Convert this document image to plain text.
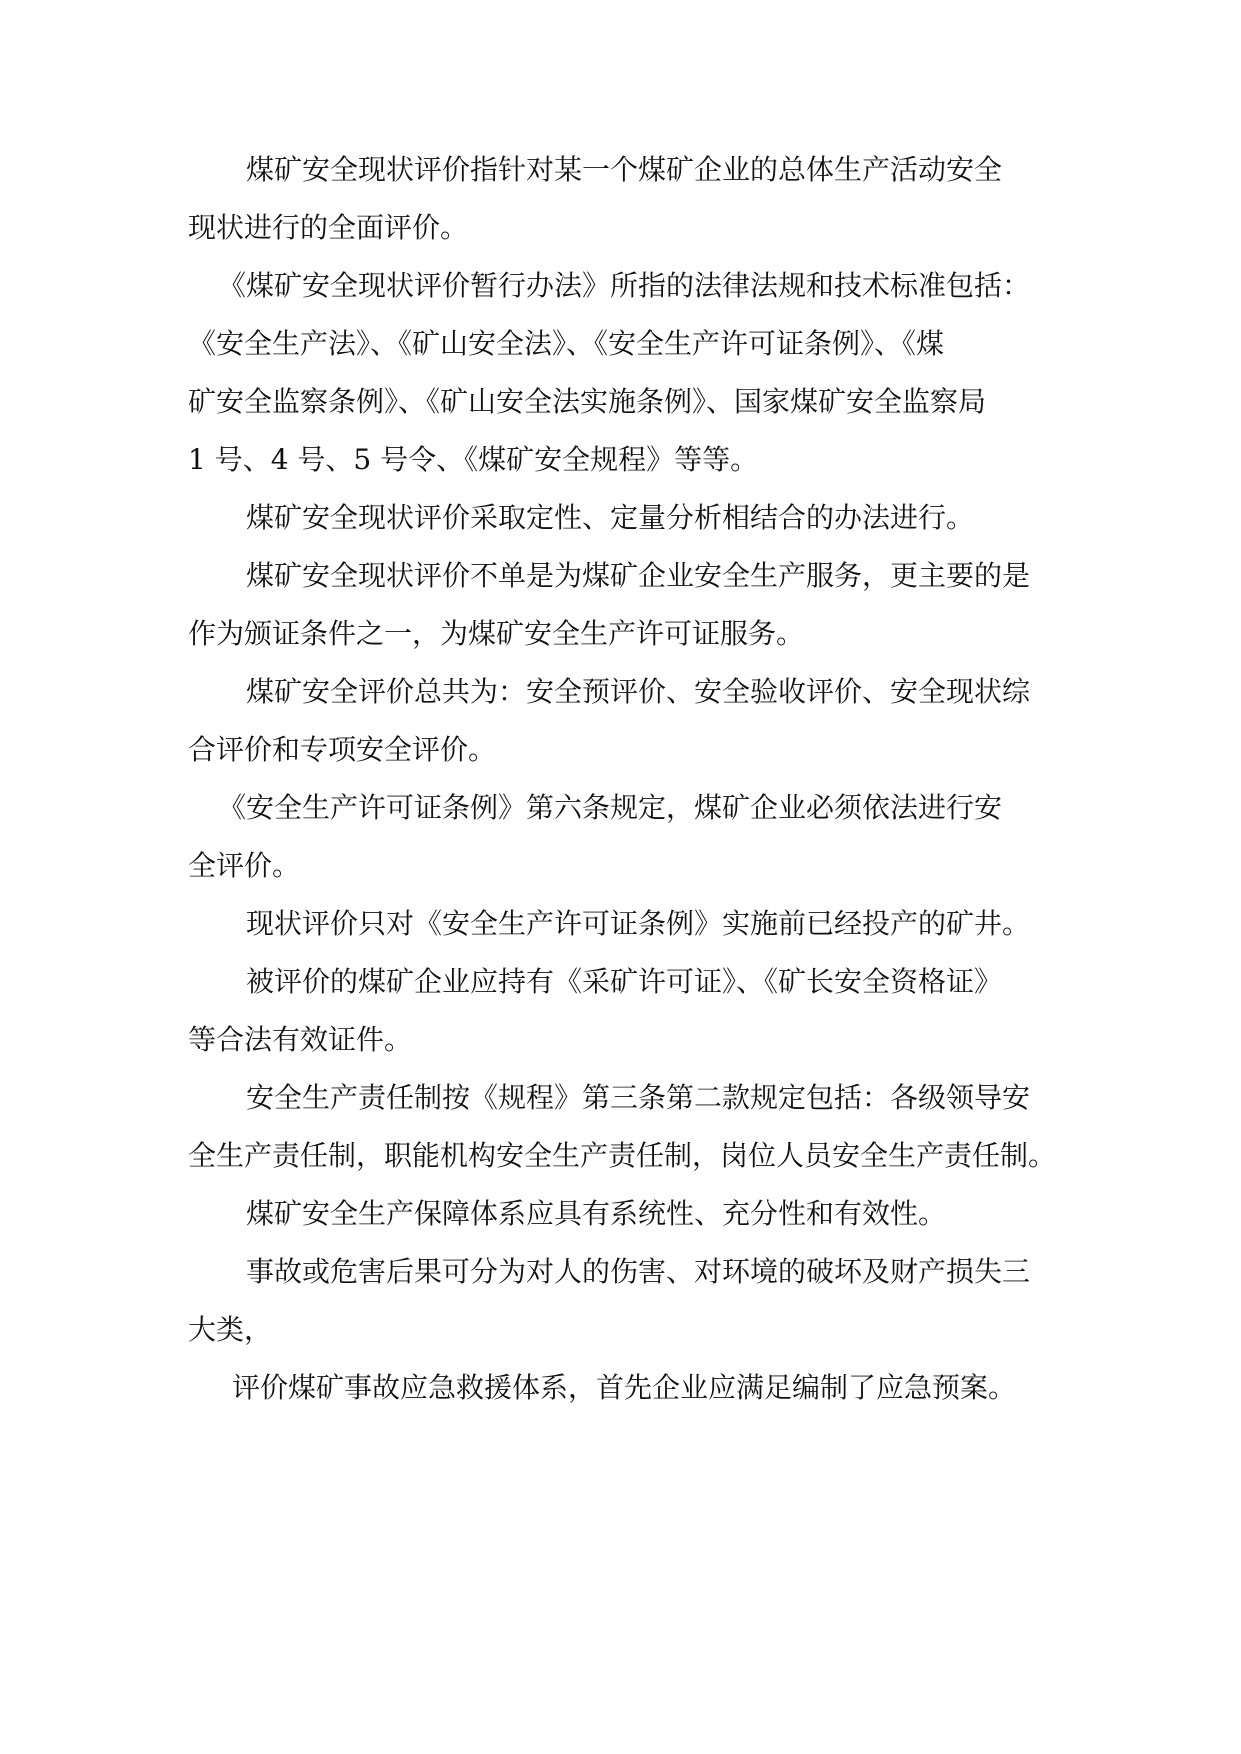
煤矿安全现状评价指针对某一个煤矿企业的总体生产活动安全
现状进行的全面评价。
《煤矿安全现状评价暂行办法》所指的法律法规和技术标准包括：
《安全生产法》、《矿山安全法》、《安全生产许可证条例》、《煤
矿安全监察条例》、《矿山安全法实施条例》、国家煤矿安全监察局
1 号、4 号、5 号令、《煤矿安全规程》等等。
煤矿安全现状评价采取定性、定量分析相结合的办法进行。
煤矿安全现状评价不单是为煤矿企业安全生产服务，更主要的是
作为颁证条件之一，为煤矿安全生产许可证服务。
煤矿安全评价总共为：安全预评价、安全验收评价、安全现状综
合评价和专项安全评价。
《安全生产许可证条例》第六条规定，煤矿企业必须依法进行安
全评价。
现状评价只对《安全生产许可证条例》实施前已经投产的矿井。
被评价的煤矿企业应持有《采矿许可证》、《矿长安全资格证》
等合法有效证件。
安全生产责任制按《规程》第三条第二款规定包括：各级领导安
全生产责任制，职能机构安全生产责任制，岗位人员安全生产责任制。
煤矿安全生产保障体系应具有系统性、充分性和有效性。
事故或危害后果可分为对人的伤害、对环境的破坏及财产损失三
大类，
评价煤矿事故应急救援体系，首先企业应满足编制了应急预案。
